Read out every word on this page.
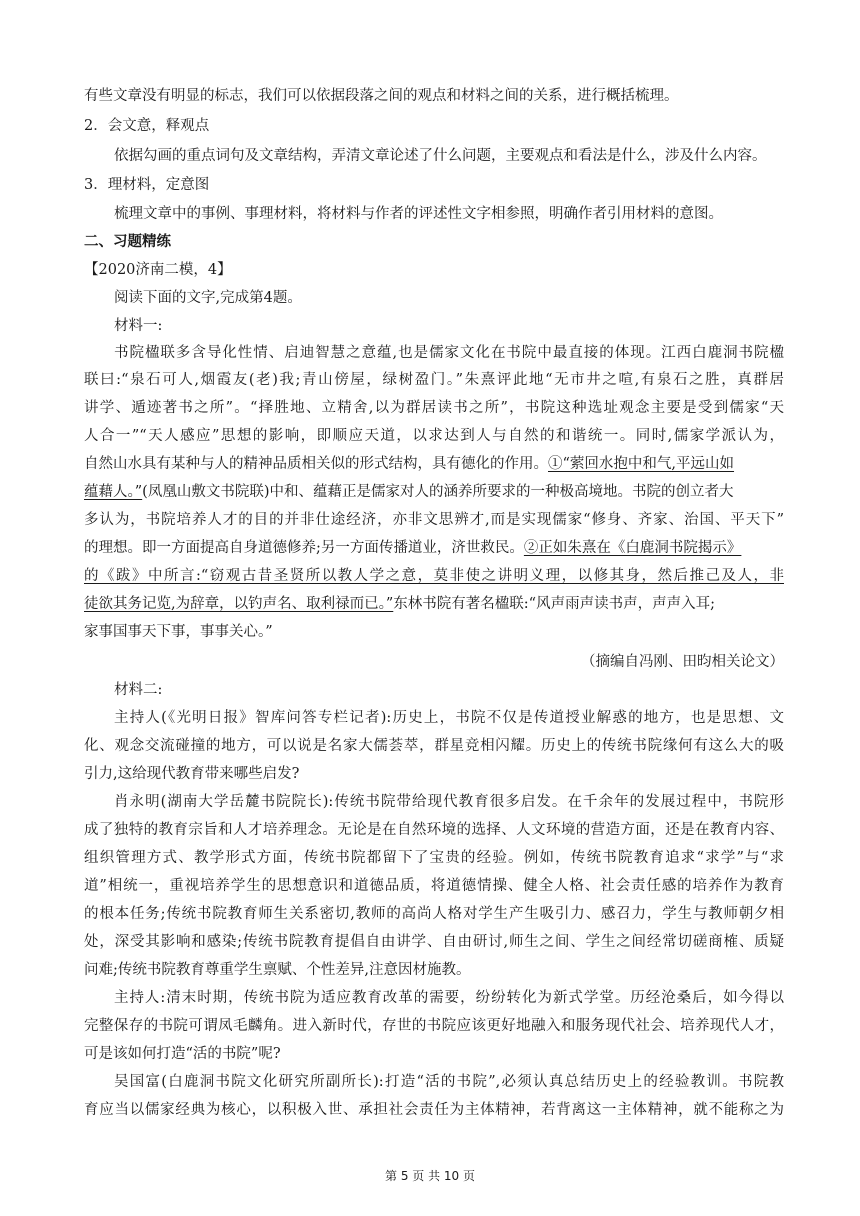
有些文章没有明显的标志，我们可以依据段落之间的观点和材料之间的关系，进行概括梳理。
2．会文意，释观点
依据勾画的重点词句及文章结构，弄清文章论述了什么问题，主要观点和看法是什么，涉及什么内容。
3．理材料，定意图
梳理文章中的事例、事理材料，将材料与作者的评述性文字相参照，明确作者引用材料的意图。
二、习题精练
【2020济南二模，4】
阅读下面的文字,完成第4题。
材料一:
书院楹联多含导化性情、启迪智慧之意蕴,也是儒家文化在书院中最直接的体现。江西白鹿洞书院楹
联曰:“泉石可人,烟霞友(老)我;青山傍屋，绿树盈门。”朱熹评此地“无市井之喧,有泉石之胜，真群居
讲学、遁迹著书之所”。“择胜地、立精舍,以为群居读书之所”，书院这种选址观念主要是受到儒家“天
人合一”“天人感应”思想的影响，即顺应天道，以求达到人与自然的和谐统一。同时,儒家学派认为，
自然山水具有某种与人的精神品质相关似的形式结构，具有德化的作用。①“萦回水抱中和气,平远山如
蕴藉人。”(凤凰山敷文书院联)中和、蕴藉正是儒家对人的涵养所要求的一种极高境地。书院的创立者大
多认为，书院培养人才的目的并非仕途经济，亦非文思辨才,而是实现儒家“修身、齐家、治国、平天下”
的理想。即一方面提高自身道德修养;另一方面传播道业，济世救民。②正如朱熹在《白鹿洞书院揭示》
的《跋》中所言:“窃观古昔圣贤所以教人学之意，莫非使之讲明义理，以修其身，然后推己及人，非
徒欲其务记览,为辞章，以钓声名、取利禄而已。”东林书院有著名楹联:“风声雨声读书声，声声入耳;
家事国事天下事，事事关心。”
（摘编自冯刚、田昀相关论文）
材料二:
主持人(《光明日报》智库问答专栏记者):历史上，书院不仅是传道授业解惑的地方，也是思想、文
化、观念交流碰撞的地方，可以说是名家大儒荟萃，群星竞相闪耀。历史上的传统书院缘何有这么大的吸
引力,这给现代教育带来哪些启发?
肖永明(湖南大学岳麓书院院长):传统书院带给现代教育很多启发。在千余年的发展过程中，书院形
成了独特的教育宗旨和人才培养理念。无论是在自然环境的选择、人文环境的营造方面，还是在教育内容、
组织管理方式、教学形式方面，传统书院都留下了宝贵的经验。例如，传统书院教育追求“求学”与“求
道”相统一，重视培养学生的思想意识和道德品质，将道德情操、健全人格、社会责任感的培养作为教育
的根本任务;传统书院教育师生关系密切,教师的高尚人格对学生产生吸引力、感召力，学生与教师朝夕相
处，深受其影响和感染;传统书院教育提倡自由讲学、自由研讨,师生之间、学生之间经常切磋商榷、质疑
问难;传统书院教育尊重学生禀赋、个性差异,注意因材施教。
主持人:清末时期，传统书院为适应教育改革的需要，纷纷转化为新式学堂。历经沧桑后，如今得以
完整保存的书院可谓凤毛麟角。进入新时代，存世的书院应该更好地融入和服务现代社会、培养现代人才，
可是该如何打造“活的书院”呢?
吴国富(白鹿洞书院文化研究所副所长):打造“活的书院”,必须认真总结历史上的经验教训。书院教
育应当以儒家经典为核心，以积极入世、承担社会责任为主体精神，若背离这一主体精神，就不能称之为
第 5 页 共 10 页
